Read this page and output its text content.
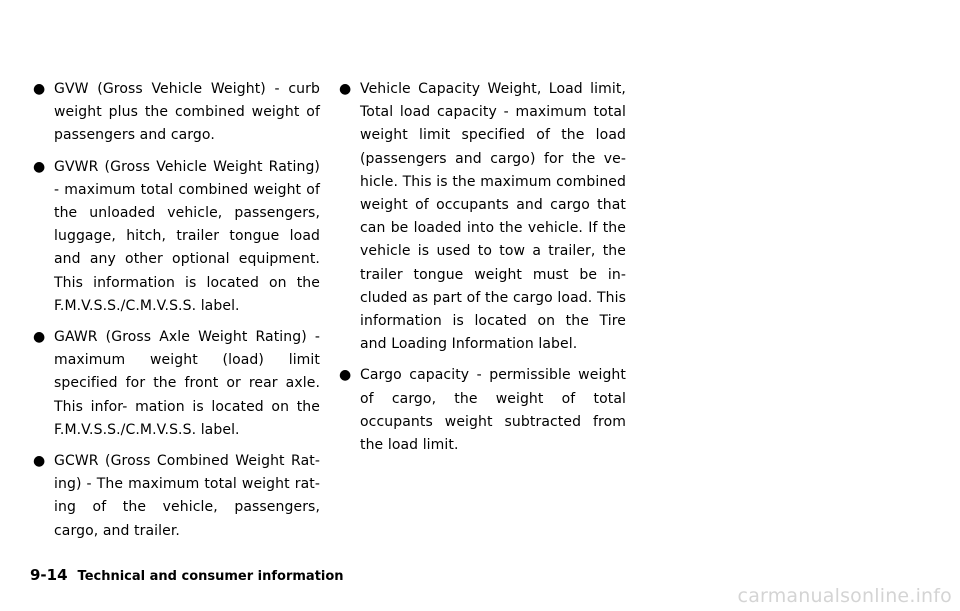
● GVW (Gross Vehicle Weight) - curb weight plus the combined weight of passengers and cargo.
● GVWR (Gross Vehicle Weight Rating) - maximum total combined weight of the unloaded vehicle, passengers, luggage, hitch, trailer tongue load and any other optional equipment. This information is located on the F.M.V.S.S./C.M.V.S.S. label.
● GAWR (Gross Axle Weight Rating) - maximum weight (load) limit specified for the front or rear axle. This infor- mation is located on the F.M.V.S.S./C.M.V.S.S. label.
● GCWR (Gross Combined Weight Rat- ing) - The maximum total weight rat- ing of the vehicle, passengers, cargo, and trailer.
● Vehicle Capacity Weight, Load limit, Total load capacity - maximum total weight limit specified of the load (passengers and cargo) for the ve- hicle. This is the maximum combined weight of occupants and cargo that can be loaded into the vehicle. If the vehicle is used to tow a trailer, the trailer tongue weight must be in- cluded as part of the cargo load. This information is located on the Tire and Loading Information label.
● Cargo capacity - permissible weight of cargo, the weight of total occupants weight subtracted from the load limit.
9-14 Technical and consumer information
carmanualsonline.info
